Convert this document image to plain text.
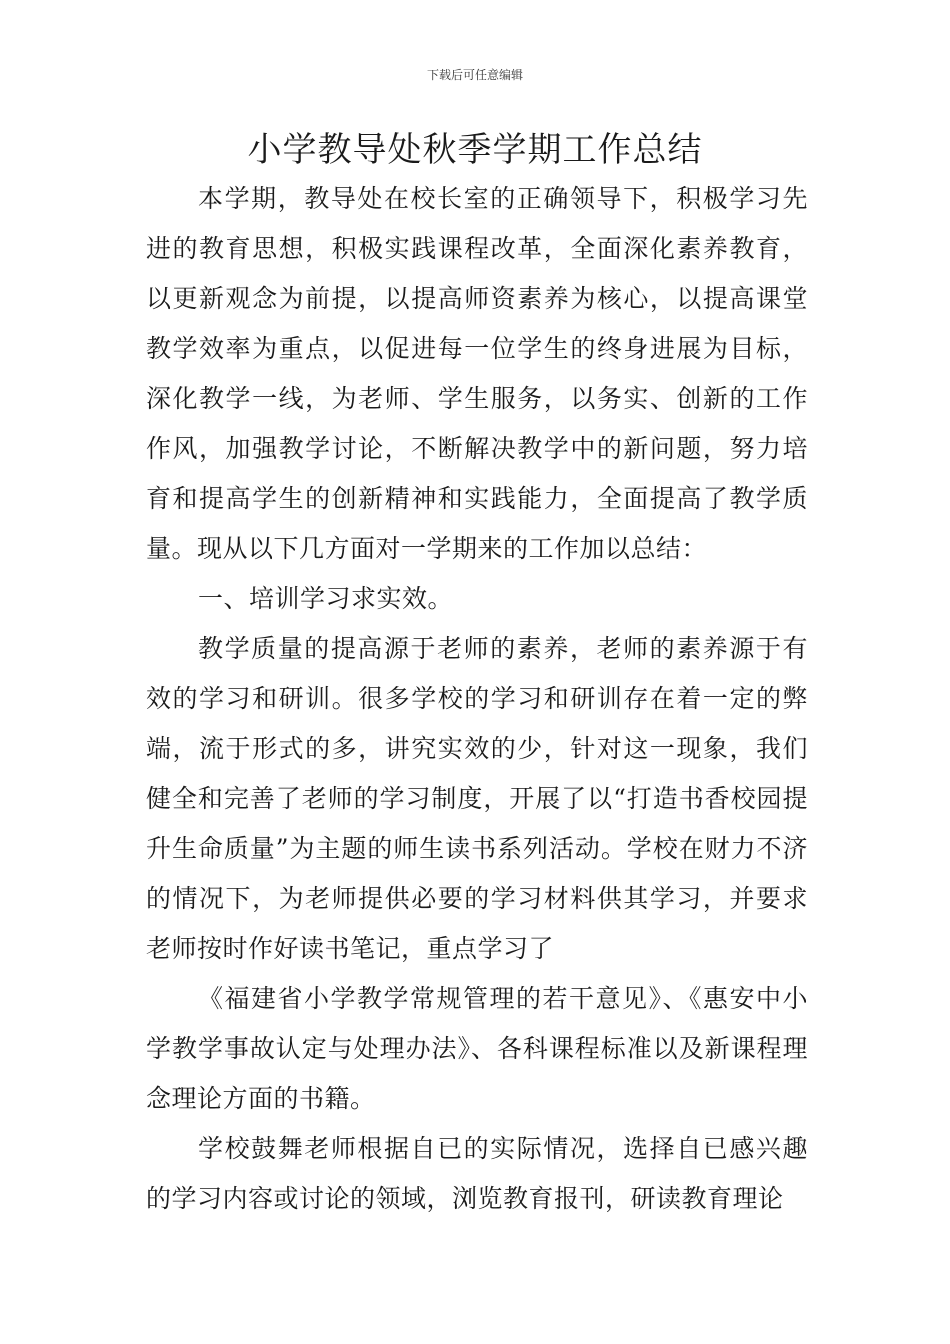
下载后可任意编辑
小学教导处秋季学期工作总结

本学期，教导处在校长室的正确领导下，积极学习先进的教育思想，积极实践课程改革，全面深化素养教育，以更新观念为前提，以提高师资素养为核心，以提高课堂教学效率为重点，以促进每一位学生的终身进展为目标，深化教学一线，为老师、学生服务，以务实、创新的工作作风，加强教学讨论，不断解决教学中的新问题，努力培育和提高学生的创新精神和实践能力，全面提高了教学质量。现从以下几方面对一学期来的工作加以总结：

一、培训学习求实效。

教学质量的提高源于老师的素养，老师的素养源于有效的学习和研训。很多学校的学习和研训存在着一定的弊端，流于形式的多，讲究实效的少，针对这一现象，我们健全和完善了老师的学习制度，开展了以“打造书香校园提升生命质量”为主题的师生读书系列活动。学校在财力不济的情况下，为老师提供必要的学习材料供其学习，并要求老师按时作好读书笔记，重点学习了

《福建省小学教学常规管理的若干意见》、《惠安中小学教学事故认定与处理办法》、各科课程标准以及新课程理念理论方面的书籍。

学校鼓舞老师根据自已的实际情况，选择自已感兴趣的学习内容或讨论的领域，浏览教育报刊，研读教育理论
